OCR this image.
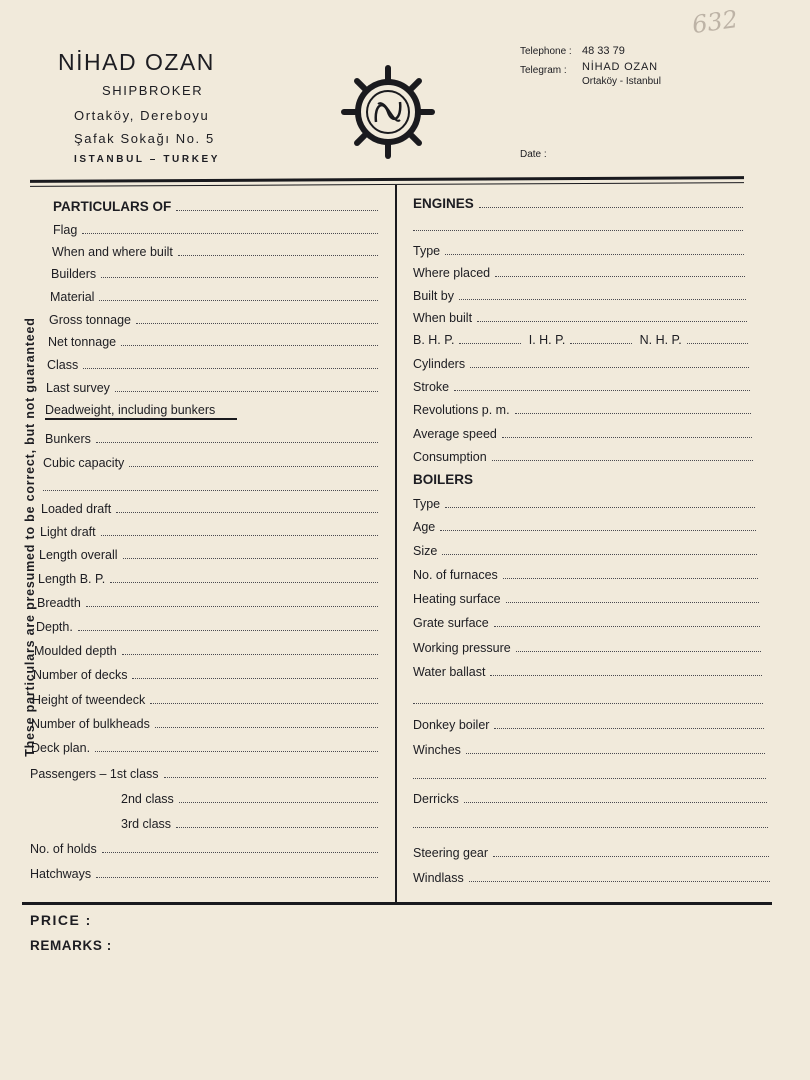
NİHAD OZAN
SHIPBROKER
Ortaköy, Dereboyu
Şafak Sokağı No. 5
ISTANBUL – TURKEY
Telephone : 48 33 79
Telegram : NİHAD OZAN
Ortaköy - Istanbul
Date :
632
These particulars are presumed to be correct, but not guaranteed
PARTICULARS OF
Flag
When and where built
Builders
Material
Gross tonnage
Net tonnage
Class
Last survey
Deadweight, including bunkers
Bunkers
Cubic capacity
Loaded draft
Light draft
Length overall
Length B. P.
Breadth
Depth.
Moulded depth
Number of decks
Height of tweendeck
Number of bulkheads
Deck plan.
Passengers – 1st class
2nd class
3rd class
No. of holds
Hatchways
ENGINES
Type
Where placed
Built by
When built
B. H. P.	I. H. P.	N. H. P.
Cylinders
Stroke
Revolutions p. m.
Average speed
Consumption
BOILERS
Type
Age
Size
No. of furnaces
Heating surface
Grate surface
Working pressure
Water ballast
Donkey boiler
Winches
Derricks
Steering gear
Windlass
PRICE :
REMARKS :
